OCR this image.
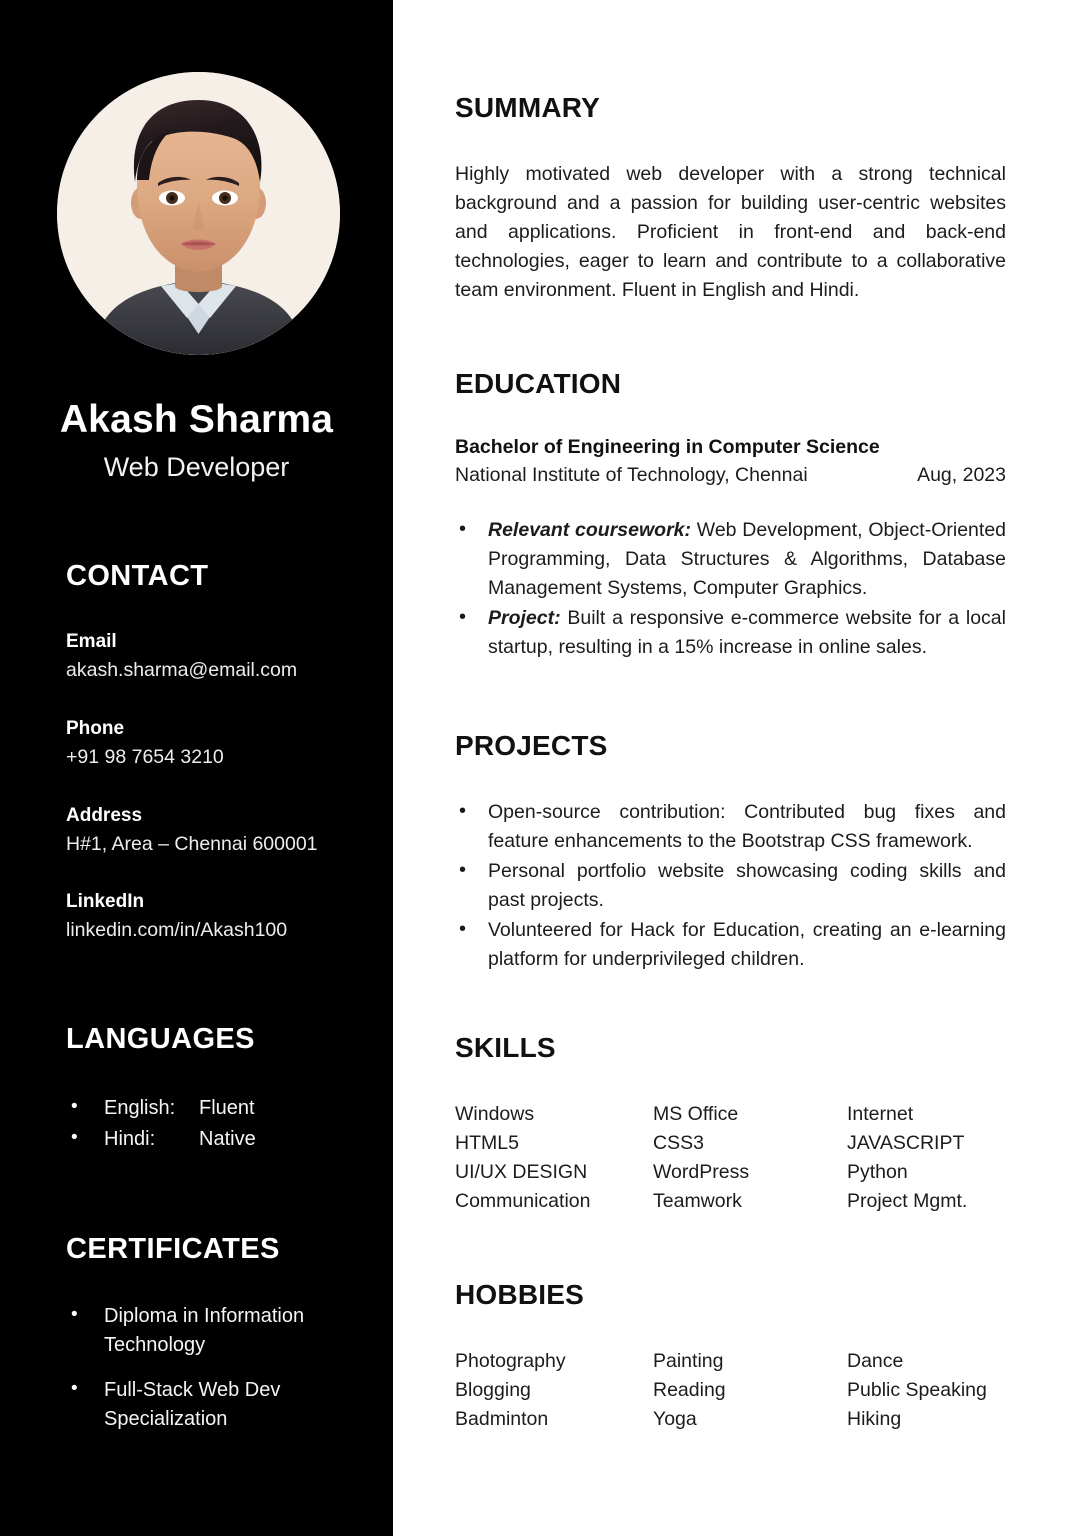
Akash Sharma
Web Developer
CONTACT
Email
akash.sharma@email.com
Phone
+91 98 7654 3210
Address
H#1, Area – Chennai 600001
LinkedIn
linkedin.com/in/Akash100
LANGUAGES
• English: Fluent
• Hindi: Native
CERTIFICATES
• Diploma in Information Technology
• Full-Stack Web Dev Specialization
SUMMARY

Highly motivated web developer with a strong technical background and a passion for building user-centric websites and applications. Proficient in front-end and back-end technologies, eager to learn and contribute to a collaborative team environment. Fluent in English and Hindi.

EDUCATION
Bachelor of Engineering in Computer Science
National Institute of Technology, Chennai	Aug, 2023
• Relevant coursework: Web Development, Object-Oriented Programming, Data Structures & Algorithms, Database Management Systems, Computer Graphics.
• Project: Built a responsive e-commerce website for a local startup, resulting in a 15% increase in online sales.
PROJECTS
• Open-source contribution: Contributed bug fixes and feature enhancements to the Bootstrap CSS framework.
• Personal portfolio website showcasing coding skills and past projects.
• Volunteered for Hack for Education, creating an e-learning platform for underprivileged children.
SKILLS
Windows	MS Office	Internet
HTML5	CSS3	JAVASCRIPT
UI/UX DESIGN	WordPress	Python
Communication	Teamwork	Project Mgmt.
HOBBIES
Photography	Painting	Dance
Blogging	Reading	Public Speaking
Badminton	Yoga	Hiking
